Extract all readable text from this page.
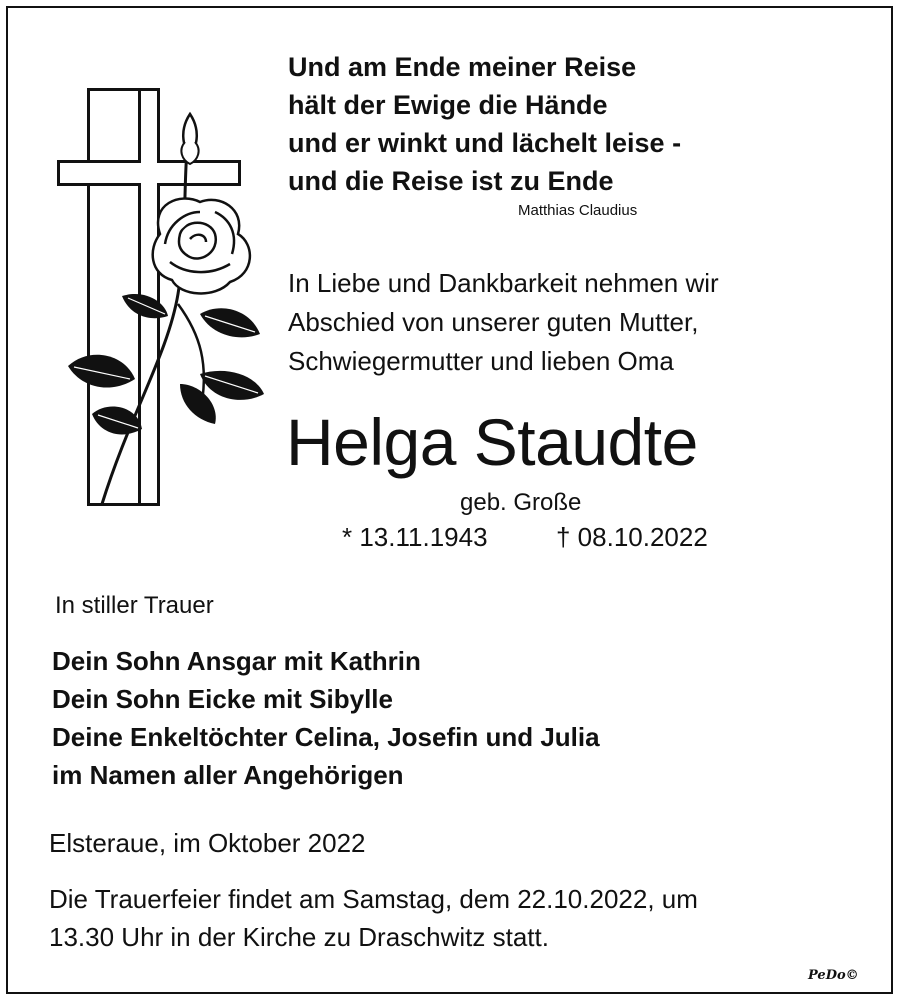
Und am Ende meiner Reise
hält der Ewige die Hände
und er winkt und lächelt leise -
und die Reise ist zu Ende
Matthias Claudius
In Liebe und Dankbarkeit nehmen wir
Abschied von unserer guten Mutter,
Schwiegermutter und lieben Oma
Helga Staudte
geb. Große
* 13.11.1943	† 08.10.2022
In stiller Trauer
Dein Sohn Ansgar mit Kathrin
Dein Sohn Eicke mit Sibylle
Deine Enkeltöchter Celina, Josefin und Julia
im Namen aller Angehörigen
Elsteraue, im Oktober 2022
Die Trauerfeier findet am Samstag, dem 22.10.2022, um
13.30 Uhr in der Kirche zu Draschwitz statt.
PeDo©
